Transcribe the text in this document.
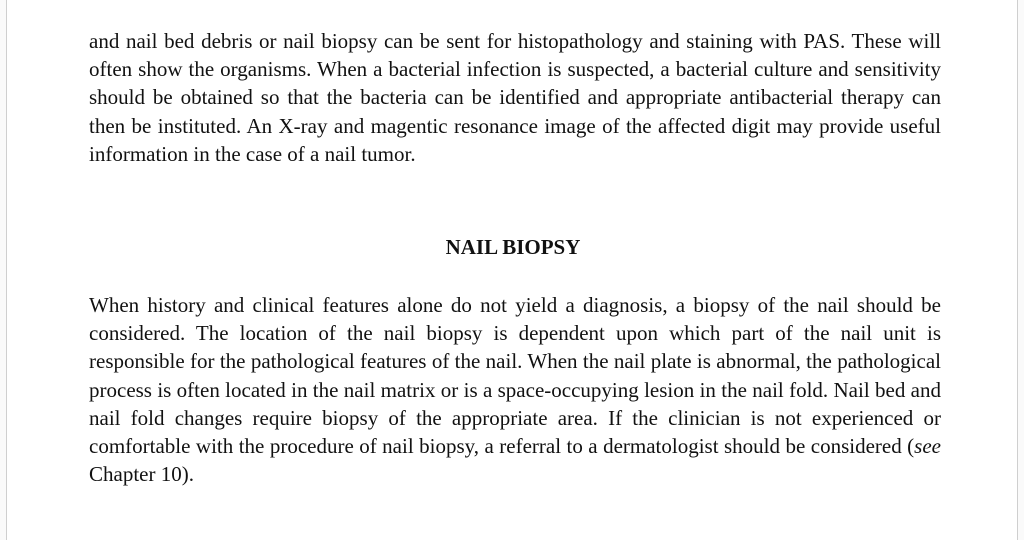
and nail bed debris or nail biopsy can be sent for histopathology and staining with PAS. These will often show the organisms. When a bacterial infection is suspected, a bacterial culture and sensitivity should be obtained so that the bacteria can be identified and appropriate antibacterial therapy can then be instituted. An X-ray and magentic resonance image of the affected digit may provide useful information in the case of a nail tumor.

NAIL BIOPSY

When history and clinical features alone do not yield a diagnosis, a biopsy of the nail should be considered. The location of the nail biopsy is dependent upon which part of the nail unit is responsible for the pathological features of the nail. When the nail plate is abnormal, the pathological process is often located in the nail matrix or is a space-occupying lesion in the nail fold. Nail bed and nail fold changes require biopsy of the appropriate area. If the clinician is not experienced or comfortable with the procedure of nail biopsy, a referral to a dermatologist should be considered (see Chapter 10).
